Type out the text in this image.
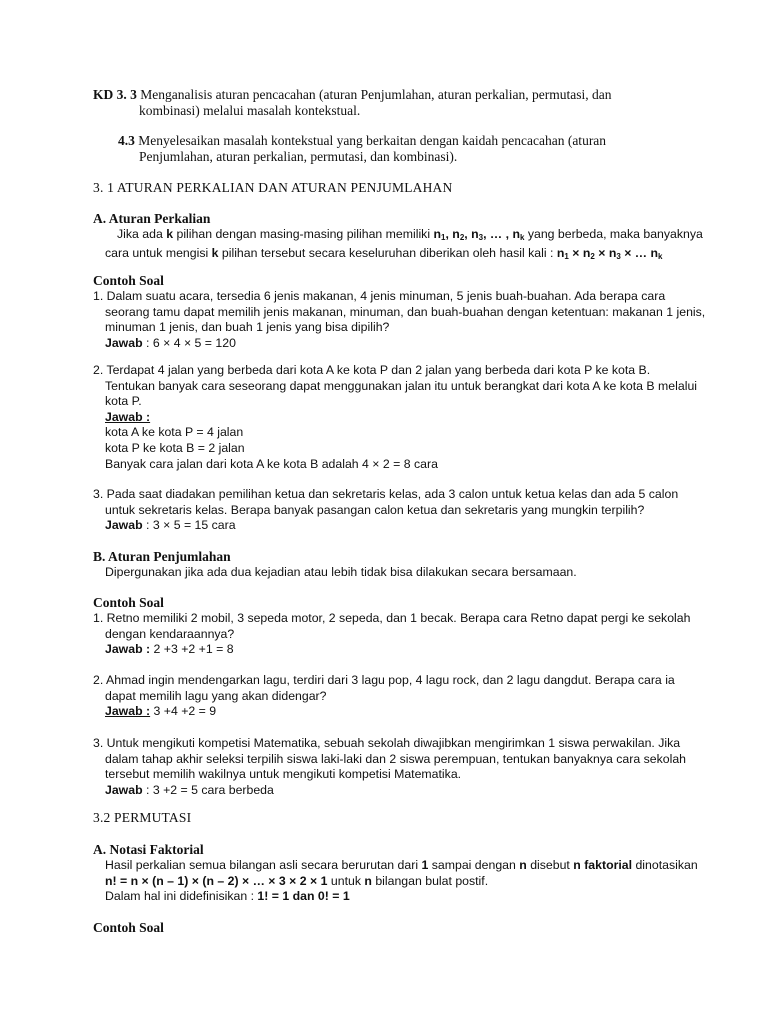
KD 3. 3 Menganalisis aturan pencacahan (aturan Penjumlahan, aturan perkalian, permutasi, dan
kombinasi) melalui masalah kontekstual.
4.3 Menyelesaikan masalah kontekstual yang berkaitan dengan kaidah pencacahan (aturan
Penjumlahan, aturan perkalian, permutasi, dan kombinasi).
3. 1 ATURAN PERKALIAN DAN ATURAN PENJUMLAHAN
A. Aturan Perkalian
Jika ada k pilihan dengan masing-masing pilihan memiliki $n_1$, $n_2$, $n_3$, … , $n_k$ yang berbeda, maka banyaknya
cara untuk mengisi k pilihan tersebut secara keseluruhan diberikan oleh hasil kali : $n_1 \times n_2 \times n_3$ × … $n_k$
Contoh Soal
1. Dalam suatu acara, tersedia 6 jenis makanan, 4 jenis minuman, 5 jenis buah-buahan. Ada berapa cara
seorang tamu dapat memilih jenis makanan, minuman, dan buah-buahan dengan ketentuan: makanan 1 jenis,
minuman 1 jenis, dan buah 1 jenis yang bisa dipilih?
Jawab : 6 × 4 × 5 = 120
2. Terdapat 4 jalan yang berbeda dari kota A ke kota P dan 2 jalan yang berbeda dari kota P ke kota B.
Tentukan banyak cara seseorang dapat menggunakan jalan itu untuk berangkat dari kota A ke kota B melalui
kota P.
Jawab :
kota A ke kota P = 4 jalan
kota P ke kota B = 2 jalan
Banyak cara jalan dari kota A ke kota B adalah 4 × 2 = 8 cara
3. Pada saat diadakan pemilihan ketua dan sekretaris kelas, ada 3 calon untuk ketua kelas dan ada 5 calon
untuk sekretaris kelas. Berapa banyak pasangan calon ketua dan sekretaris yang mungkin terpilih?
Jawab : 3 × 5 = 15 cara
B. Aturan Penjumlahan
Dipergunakan jika ada dua kejadian atau lebih tidak bisa dilakukan secara bersamaan.
Contoh Soal
1. Retno memiliki 2 mobil, 3 sepeda motor, 2 sepeda, dan 1 becak. Berapa cara Retno dapat pergi ke sekolah
dengan kendaraannya?
Jawab : 2 +3 +2 +1 = 8
2. Ahmad ingin mendengarkan lagu, terdiri dari 3 lagu pop, 4 lagu rock, dan 2 lagu dangdut. Berapa cara ia
dapat memilih lagu yang akan didengar?
Jawab : 3 +4 +2 = 9
3. Untuk mengikuti kompetisi Matematika, sebuah sekolah diwajibkan mengirimkan 1 siswa perwakilan. Jika
dalam tahap akhir seleksi terpilih siswa laki-laki dan 2 siswa perempuan, tentukan banyaknya cara sekolah
tersebut memilih wakilnya untuk mengikuti kompetisi Matematika.
Jawab : 3 +2 = 5 cara berbeda
3.2 PERMUTASI
A. Notasi Faktorial
Hasil perkalian semua bilangan asli secara berurutan dari 1 sampai dengan n disebut n faktorial dinotasikan
n! = n × (n – 1) × (n – 2) × … × 3 × 2 × 1 untuk n bilangan bulat postif.
Dalam hal ini didefinisikan : 1! = 1 dan 0! = 1
Contoh Soal
